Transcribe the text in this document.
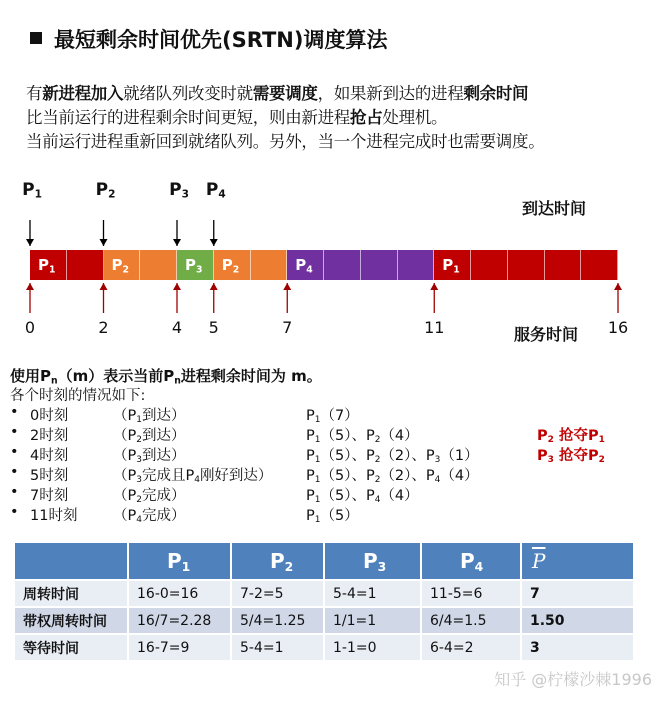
最短剩余时间优先(SRTN)调度算法
有新进程加入就绪队列改变时就需要调度，如果新到达的进程剩余时间
比当前运行的进程剩余时间更短，则由新进程抢占处理机。
当前运行进程重新回到就绪队列。另外，当一个进程完成时也需要调度。
到达时间
服务时间
$P_1$	$P_2$	$P_3$	$P_2$	$P_4$	$P_1$
$P_1$	$P_2$	$P_3$ $P_4$
0	2	4 5	7	11	16
使用$P_n(m)$表示当前$P_n$进程剩余时间为 m。
各个时刻的情况如下:
• 0时刻	（$P_1$到达）	$P_1(7)$
• 2时刻	（$P_2$到达）	$P_1(5)$、$P_2(4)$	$P_2$ 抢夺$P_1$
• 4时刻	（$P_3$到达）	$P_1(5)$、$P_2(2)$、$P_3(1)$	$P_3$ 抢夺$P_2$
• 5时刻	（$P_3$完成且$P_4$刚好到达） $P_1(5)$、$P_2(2)$、$P_4(4)$
• 7时刻	（$P_2$完成）	$P_1(5)$、$P_4(4)$
• 11时刻 （$P_4$完成）	$P_1(5)$
	$P_1$	$P_2$	$P_3$	$P_4$	$\overline{P}$
周转时间	16-0=16	7-2=5	5-4=1	11-5=6	7
带权周转时间	16/7=2.28	5/4=1.25	1/1=1	6/4=1.5	1.50
等待时间	16-7=9	5-4=1	1-1=0	6-4=2	3
知乎 @柠檬沙棘1996
